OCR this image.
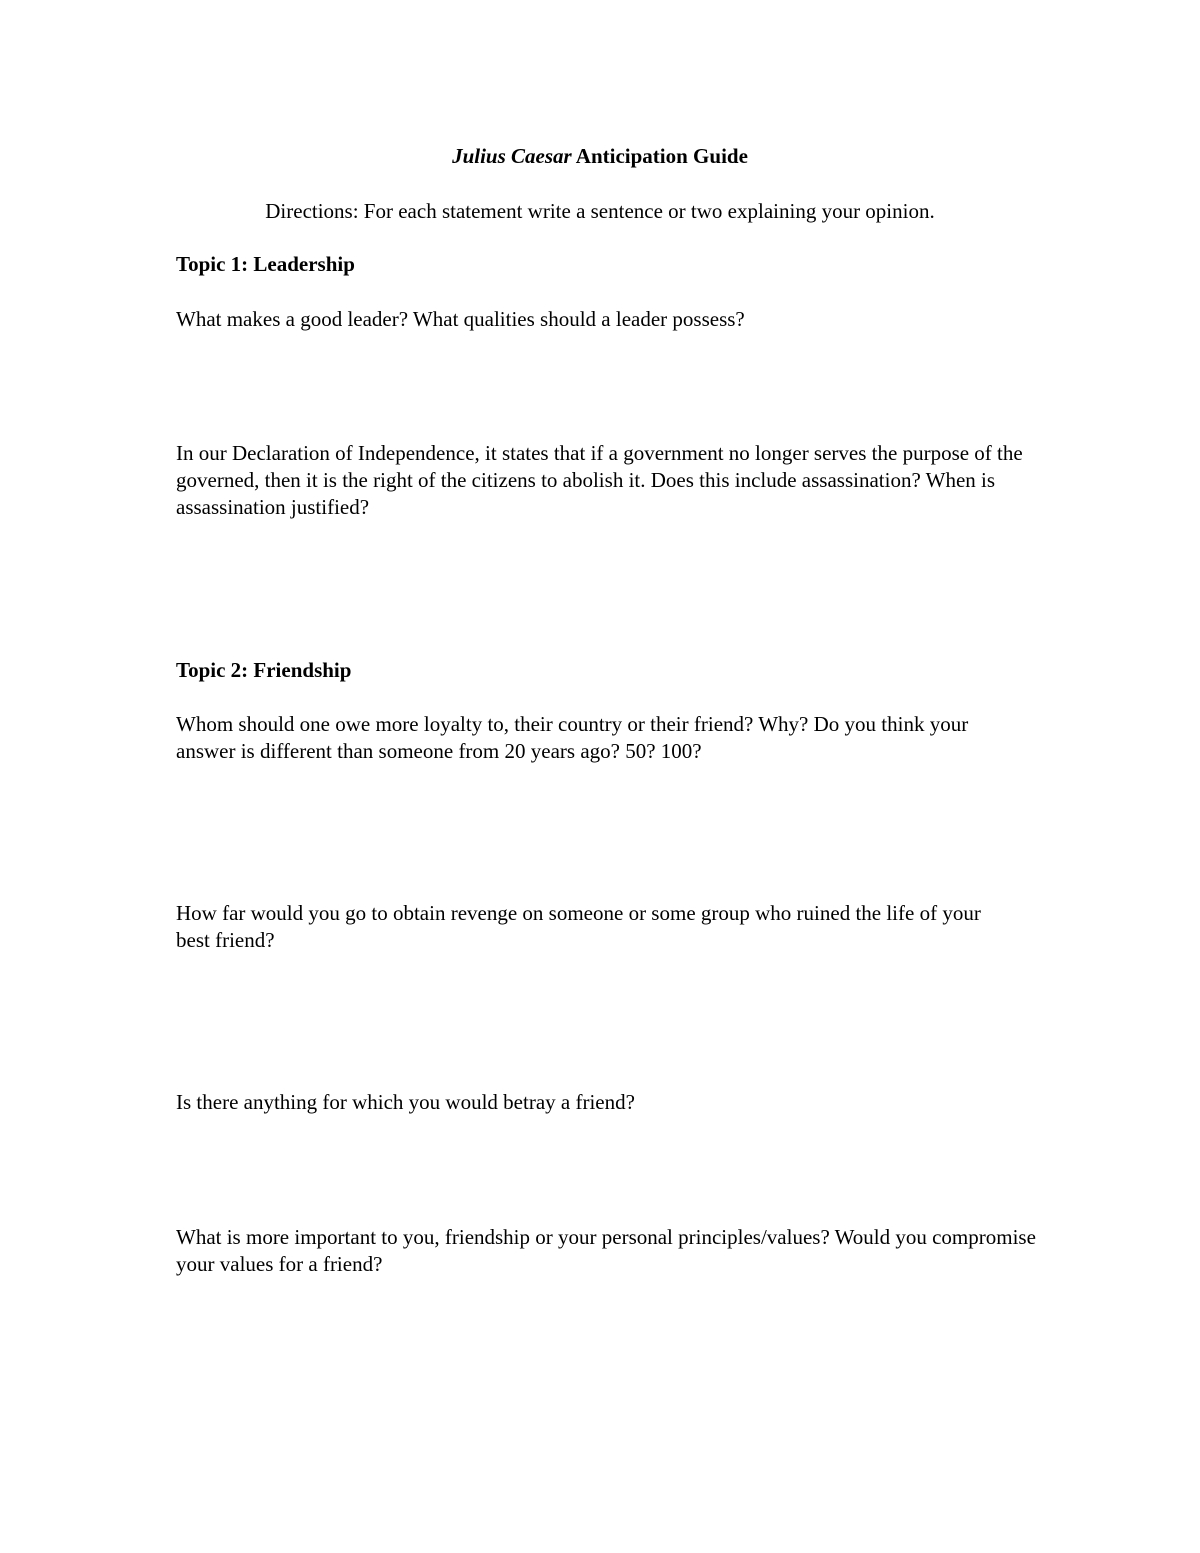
Julius Caesar Anticipation Guide

Directions: For each statement write a sentence or two explaining your opinion.

Topic 1: Leadership

What makes a good leader? What qualities should a leader possess?

In our Declaration of Independence, it states that if a government no longer serves the purpose of the governed, then it is the right of the citizens to abolish it. Does this include assassination? When is assassination justified?

Topic 2: Friendship

Whom should one owe more loyalty to, their country or their friend? Why? Do you think your answer is different than someone from 20 years ago? 50? 100?

How far would you go to obtain revenge on someone or some group who ruined the life of your best friend?

Is there anything for which you would betray a friend?

What is more important to you, friendship or your personal principles/values? Would you compromise your values for a friend?
